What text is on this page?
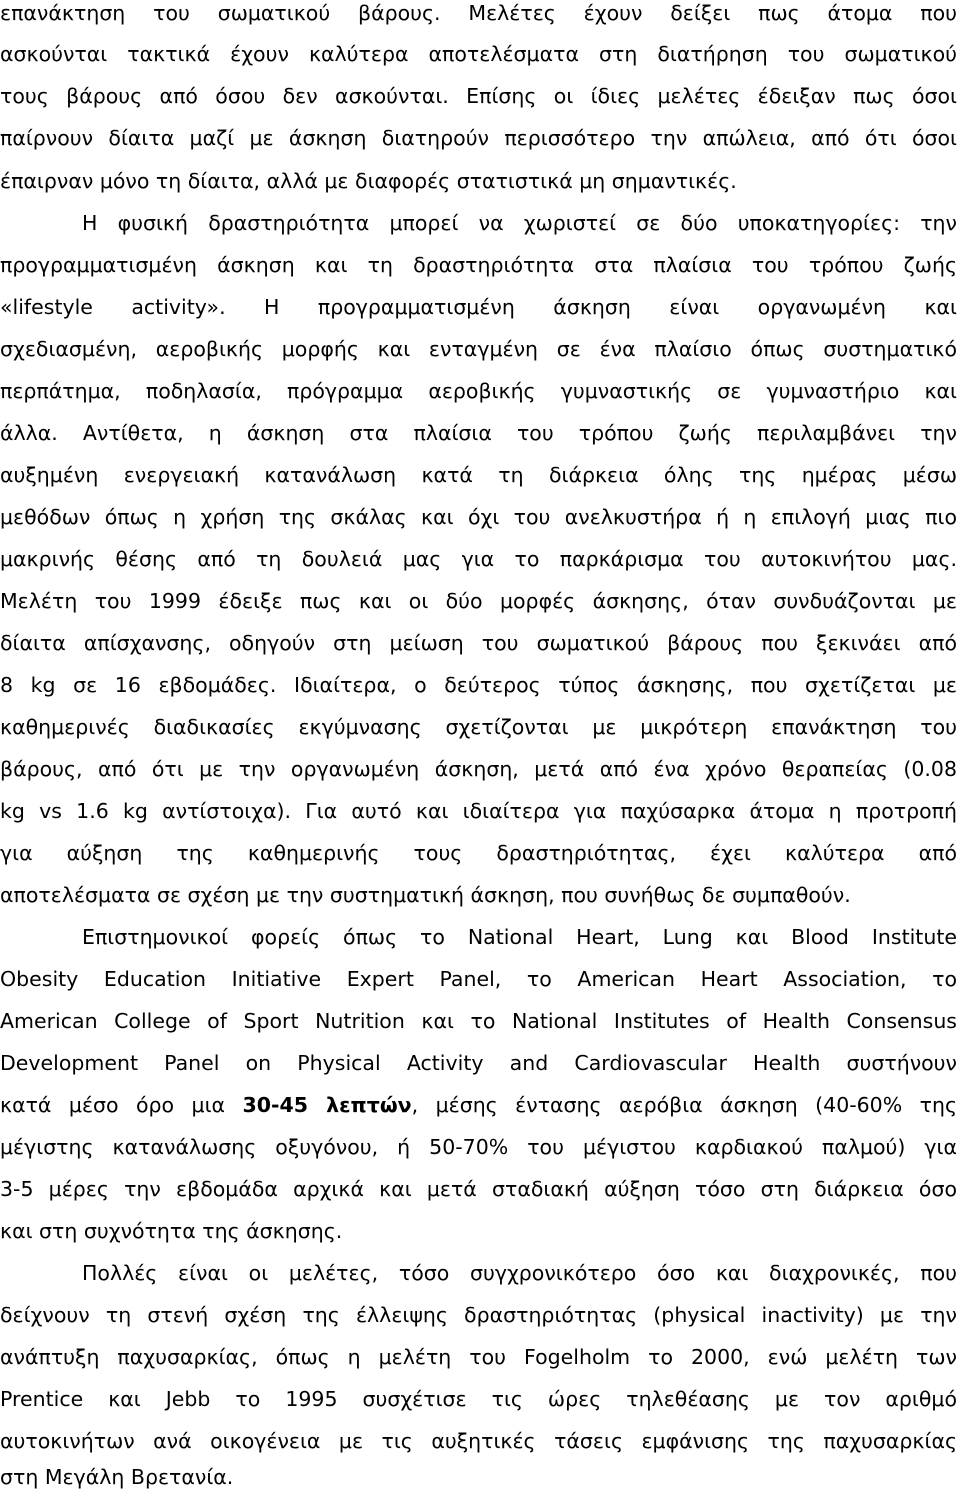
επανάκτηση του σωματικού βάρους. Μελέτες έχουν δείξει πως άτομα που
ασκούνται τακτικά έχουν καλύτερα αποτελέσματα στη διατήρηση του σωματικού
τους βάρους από όσου δεν ασκούνται. Επίσης οι ίδιες μελέτες έδειξαν πως όσοι
παίρνουν δίαιτα μαζί με άσκηση διατηρούν περισσότερο την απώλεια, από ότι όσοι
έπαιρναν μόνο τη δίαιτα, αλλά με διαφορές στατιστικά μη σημαντικές.
Η φυσική δραστηριότητα μπορεί να χωριστεί σε δύο υποκατηγορίες: την
προγραμματισμένη άσκηση και τη δραστηριότητα στα πλαίσια του τρόπου ζωής
«lifestyle activity». Η προγραμματισμένη άσκηση είναι οργανωμένη και
σχεδιασμένη, αεροβικής μορφής και ενταγμένη σε ένα πλαίσιο όπως συστηματικό
περπάτημα, ποδηλασία, πρόγραμμα αεροβικής γυμναστικής σε γυμναστήριο και
άλλα. Αντίθετα, η άσκηση στα πλαίσια του τρόπου ζωής περιλαμβάνει την
αυξημένη ενεργειακή κατανάλωση κατά τη διάρκεια όλης της ημέρας μέσω
μεθόδων όπως η χρήση της σκάλας και όχι του ανελκυστήρα ή η επιλογή μιας πιο
μακρινής θέσης από τη δουλειά μας για το παρκάρισμα του αυτοκινήτου μας.
Μελέτη του 1999 έδειξε πως και οι δύο μορφές άσκησης, όταν συνδυάζονται με
δίαιτα απίσχανσης, οδηγούν στη μείωση του σωματικού βάρους που ξεκινάει από
8 kg σε 16 εβδομάδες. Ιδιαίτερα, ο δεύτερος τύπος άσκησης, που σχετίζεται με
καθημερινές διαδικασίες εκγύμνασης σχετίζονται με μικρότερη επανάκτηση του
βάρους, από ότι με την οργανωμένη άσκηση, μετά από ένα χρόνο θεραπείας (0.08
kg vs 1.6 kg αντίστοιχα). Για αυτό και ιδιαίτερα για παχύσαρκα άτομα η προτροπή
για αύξηση της καθημερινής τους δραστηριότητας, έχει καλύτερα από
αποτελέσματα σε σχέση με την συστηματική άσκηση, που συνήθως δε συμπαθούν.
Επιστημονικοί φορείς όπως το National Heart, Lung και Blood Institute
Obesity Education Initiative Expert Panel, το American Heart Association, το
American College of Sport Nutrition και το National Institutes of Health Consensus
Development Panel on Physical Activity and Cardiovascular Health συστήνουν
κατά μέσο όρο μια 30-45 λεπτών, μέσης έντασης αερόβια άσκηση (40-60% της
μέγιστης κατανάλωσης οξυγόνου, ή 50-70% του μέγιστου καρδιακού παλμού) για
3-5 μέρες την εβδομάδα αρχικά και μετά σταδιακή αύξηση τόσο στη διάρκεια όσο
και στη συχνότητα της άσκησης.
Πολλές είναι οι μελέτες, τόσο συγχρονικότερο όσο και διαχρονικές, που
δείχνουν τη στενή σχέση της έλλειψης δραστηριότητας (physical inactivity) με την
ανάπτυξη παχυσαρκίας, όπως η μελέτη του Fogelholm το 2000, ενώ μελέτη των
Prentice και Jebb το 1995 συσχέτισε τις ώρες τηλεθέασης με τον αριθμό
αυτοκινήτων ανά οικογένεια με τις αυξητικές τάσεις εμφάνισης της παχυσαρκίας
στη Μεγάλη Βρετανία.
